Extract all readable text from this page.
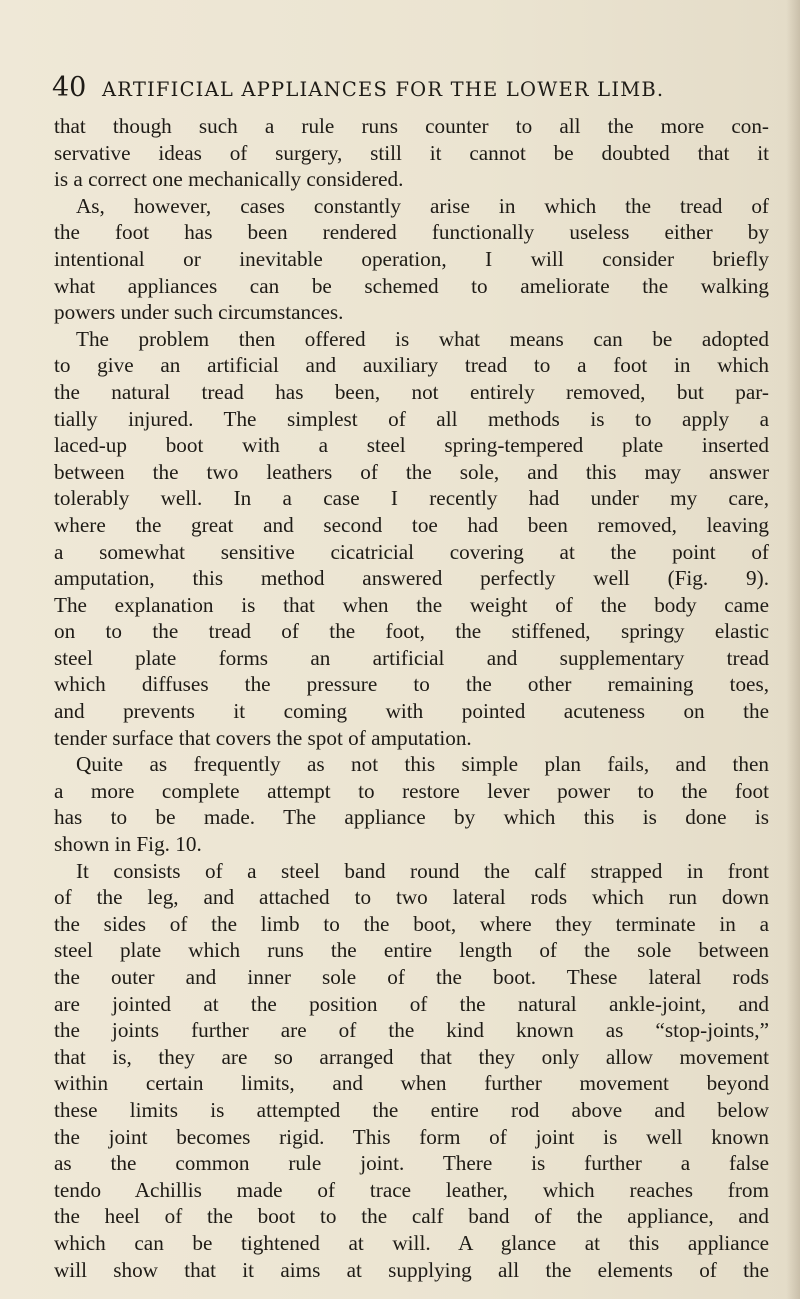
40 ARTIFICIAL APPLIANCES FOR THE LOWER LIMB.
that though such a rule runs counter to all the more con-
servative ideas of surgery, still it cannot be doubted that it
is a correct one mechanically considered.
As, however, cases constantly arise in which the tread of
the foot has been rendered functionally useless either by
intentional or inevitable operation, I will consider briefly
what appliances can be schemed to ameliorate the walking
powers under such circumstances.
The problem then offered is what means can be adopted
to give an artificial and auxiliary tread to a foot in which
the natural tread has been, not entirely removed, but par-
tially injured. The simplest of all methods is to apply a
laced-up boot with a steel spring-tempered plate inserted
between the two leathers of the sole, and this may answer
tolerably well. In a case I recently had under my care,
where the great and second toe had been removed, leaving
a somewhat sensitive cicatricial covering at the point of
amputation, this method answered perfectly well (Fig. 9).
The explanation is that when the weight of the body came
on to the tread of the foot, the stiffened, springy elastic
steel plate forms an artificial and supplementary tread
which diffuses the pressure to the other remaining toes,
and prevents it coming with pointed acuteness on the
tender surface that covers the spot of amputation.
Quite as frequently as not this simple plan fails, and then
a more complete attempt to restore lever power to the foot
has to be made. The appliance by which this is done is
shown in Fig. 10.
It consists of a steel band round the calf strapped in front
of the leg, and attached to two lateral rods which run down
the sides of the limb to the boot, where they terminate in a
steel plate which runs the entire length of the sole between
the outer and inner sole of the boot. These lateral rods
are jointed at the position of the natural ankle-joint, and
the joints further are of the kind known as “stop-joints,”
that is, they are so arranged that they only allow movement
within certain limits, and when further movement beyond
these limits is attempted the entire rod above and below
the joint becomes rigid. This form of joint is well known
as the common rule joint. There is further a false
tendo Achillis made of trace leather, which reaches from
the heel of the boot to the calf band of the appliance, and
which can be tightened at will. A glance at this appliance
will show that it aims at supplying all the elements of the
